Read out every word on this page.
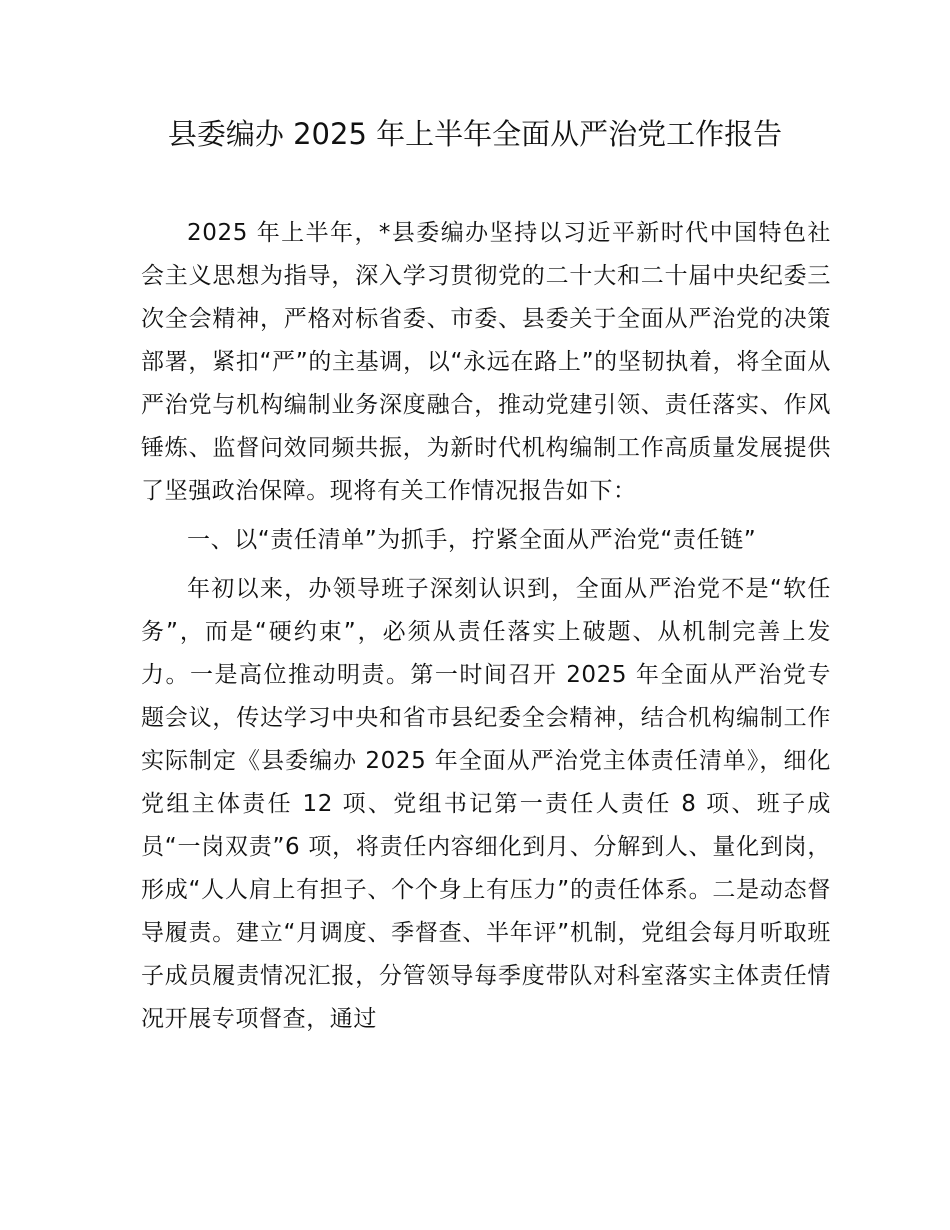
县委编办 2025 年上半年全面从严治党工作报告

2025 年上半年，*县委编办坚持以习近平新时代中国特色社会主义思想为指导，深入学习贯彻党的二十大和二十届中央纪委三次全会精神，严格对标省委、市委、县委关于全面从严治党的决策部署，紧扣“严”的主基调，以“永远在路上”的坚韧执着，将全面从严治党与机构编制业务深度融合，推动党建引领、责任落实、作风锤炼、监督问效同频共振，为新时代机构编制工作高质量发展提供了坚强政治保障。现将有关工作情况报告如下：

一、以“责任清单”为抓手，拧紧全面从严治党“责任链”

年初以来，办领导班子深刻认识到，全面从严治党不是“软任务”，而是“硬约束”，必须从责任落实上破题、从机制完善上发力。一是高位推动明责。第一时间召开 2025 年全面从严治党专题会议，传达学习中央和省市县纪委全会精神，结合机构编制工作实际制定《县委编办 2025 年全面从严治党主体责任清单》，细化党组主体责任 12 项、党组书记第一责任人责任 8 项、班子成员“一岗双责”6 项，将责任内容细化到月、分解到人、量化到岗，形成“人人肩上有担子、个个身上有压力”的责任体系。二是动态督导履责。建立“月调度、季督查、半年评”机制，党组会每月听取班子成员履责情况汇报，分管领导每季度带队对科室落实主体责任情况开展专项督查，通过
